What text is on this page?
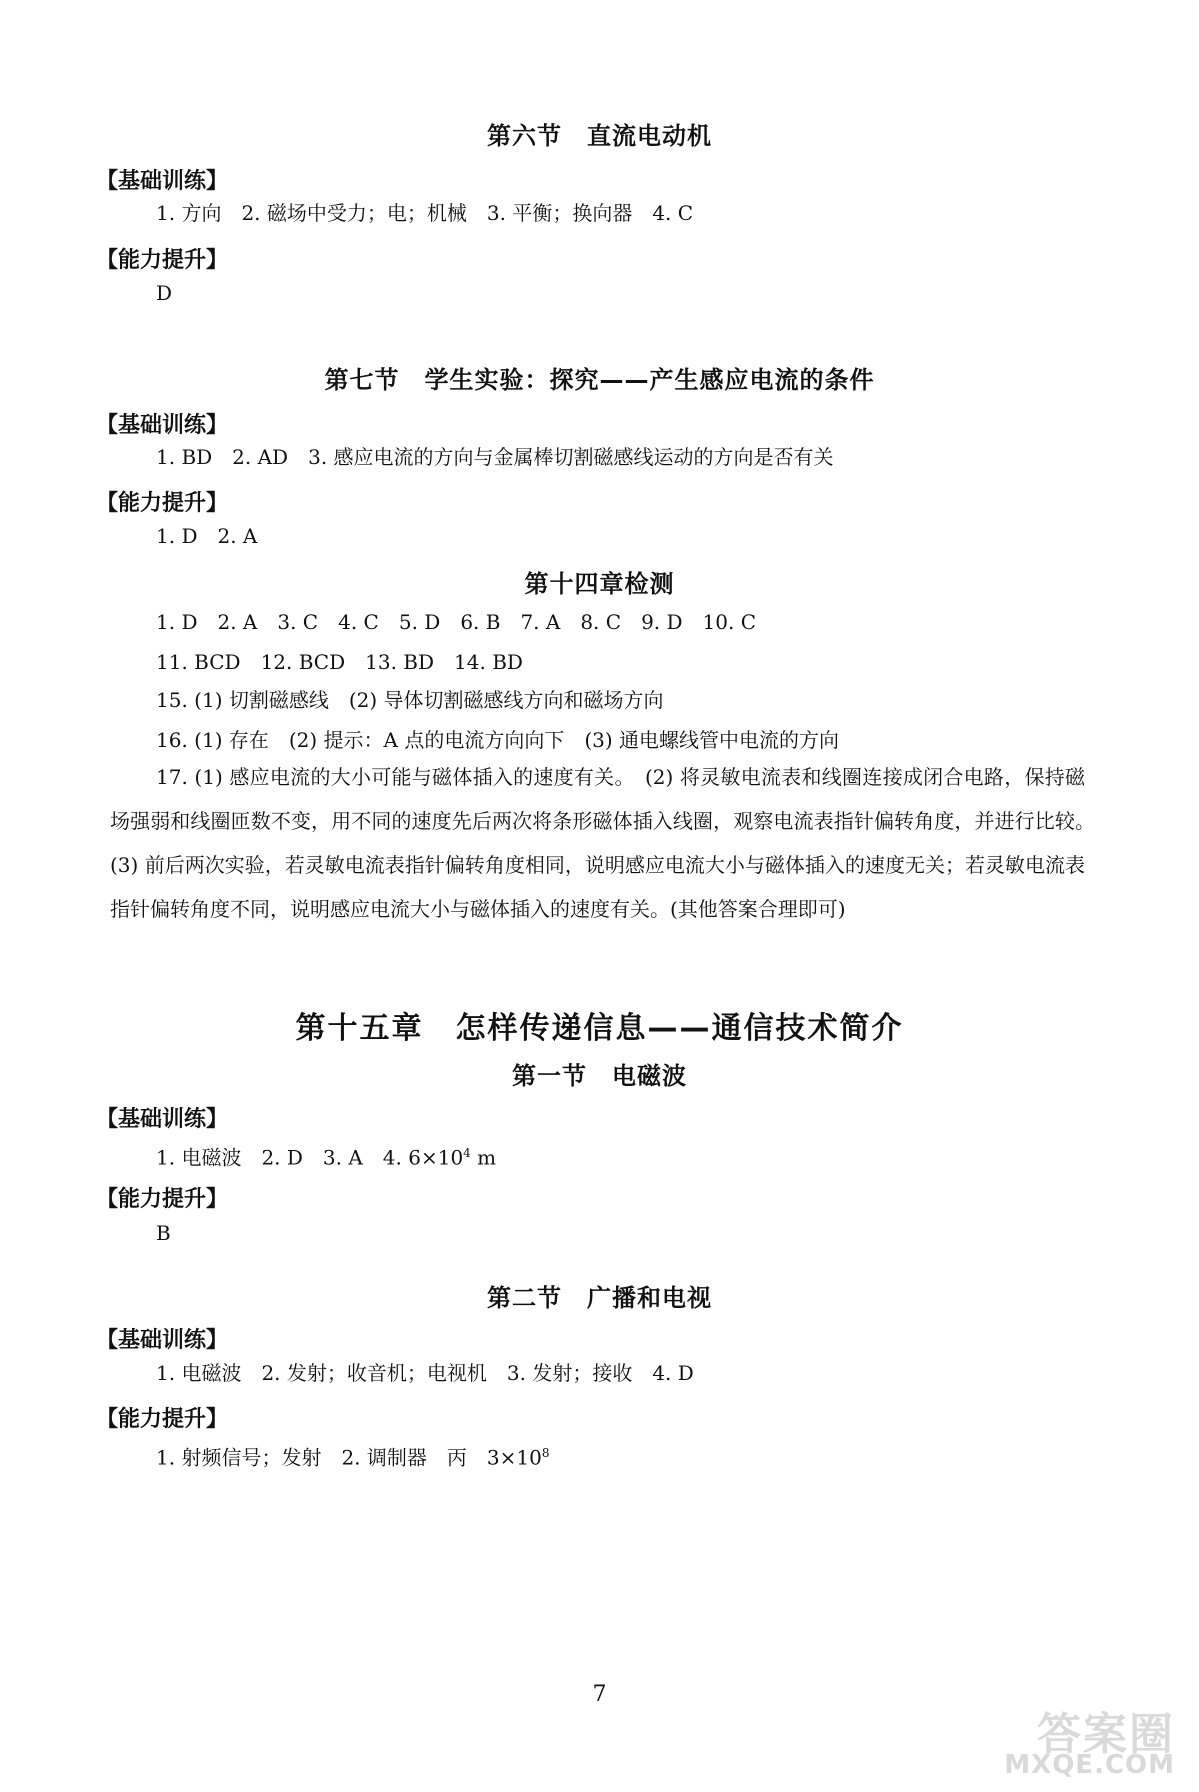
第六节　直流电动机
【基础训练】
1. 方向　2. 磁场中受力；电；机械　3. 平衡；换向器　4. C
【能力提升】
D
第七节　学生实验：探究——产生感应电流的条件
【基础训练】
1. BD　2. AD　3. 感应电流的方向与金属棒切割磁感线运动的方向是否有关
【能力提升】
1. D　2. A
第十四章检测
1. D　2. A　3. C　4. C　5. D　6. B　7. A　8. C　9. D　10. C
11. BCD　12. BCD　13. BD　14. BD
15. (1) 切割磁感线　(2) 导体切割磁感线方向和磁场方向
16. (1) 存在　(2) 提示：A 点的电流方向向下　(3) 通电螺线管中电流的方向
17. (1) 感应电流的大小可能与磁体插入的速度有关。　(2) 将灵敏电流表和线圈连接成闭合电路，保持磁场强弱和线圈匝数不变，用不同的速度先后两次将条形磁体插入线圈，观察电流表指针偏转角度，并进行比较。　(3) 前后两次实验，若灵敏电流表指针偏转角度相同，说明感应电流大小与磁体插入的速度无关；若灵敏电流表指针偏转角度不同，说明感应电流大小与磁体插入的速度有关。(其他答案合理即可)
第十五章　怎样传递信息——通信技术简介
第一节　电磁波
【基础训练】
1. 电磁波　2. D　3. A　4. $6\times 10^4$ m
【能力提升】
B
第二节　广播和电视
【基础训练】
1. 电磁波　2. 发射；收音机；电视机　3. 发射；接收　4. D
【能力提升】
1. 射频信号；发射　2. 调制器　丙　$3\times 10^8$
7
答案圈
MXQE.COM
